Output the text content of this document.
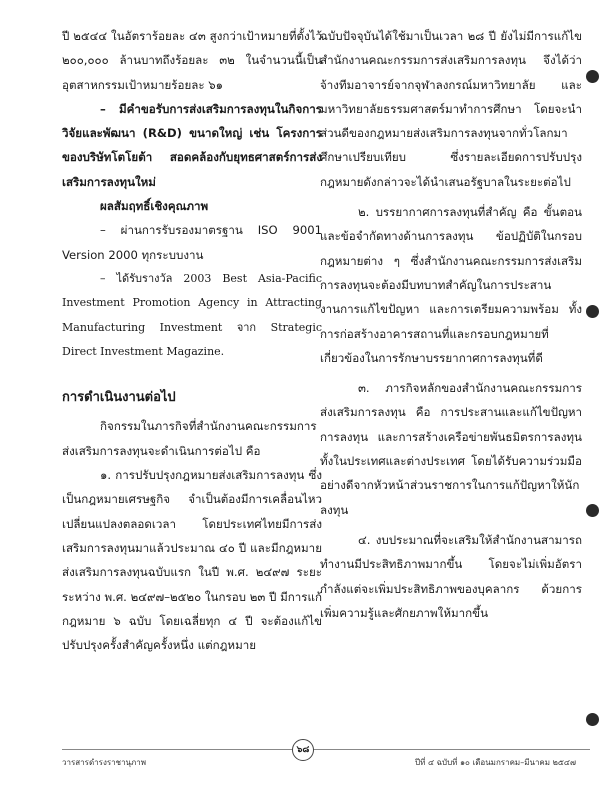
ปี ๒๕๔๔ ในอัตราร้อยละ ๔๓ สูงกว่าเป้าหมายที่ตั้งไว้ ๒๐๐,๐๐๐ ล้านบาทถึงร้อยละ ๓๒ ในจำนวนนี้เป็นอุตสาหกรรมเป้าหมายร้อยละ ๖๑

– มีคำขอรับการส่งเสริมการลงทุนในกิจการวิจัยและพัฒนา (R&D) ขนาดใหญ่ เช่น โครงการของบริษัทโตโยต้า สอดคล้องกับยุทธศาสตร์การส่งเสริมการลงทุนใหม่

ผลสัมฤทธิ์เชิงคุณภาพ

– ผ่านการรับรองมาตรฐาน ISO 9001 Version 2000 ทุกระบบงาน

– ได้รับรางวัล 2003 Best Asia-Pacific Investment Promotion Agency in Attracting Manufacturing Investment จาก Strategic Direct Investment Magazine.

การดำเนินงานต่อไป

กิจกรรมในภารกิจที่สำนักงานคณะกรรมการส่งเสริมการลงทุนจะดำเนินการต่อไป คือ

๑. การปรับปรุงกฎหมายส่งเสริมการลงทุน ซึ่งเป็นกฎหมายเศรษฐกิจ จำเป็นต้องมีการเคลื่อนไหวเปลี่ยนแปลงตลอดเวลา โดยประเทศไทยมีการส่งเสริมการลงทุนมาแล้วประมาณ ๔๐ ปี และมีกฎหมายส่งเสริมการลงทุนฉบับแรก ในปี พ.ศ. ๒๔๙๗ ระยะระหว่าง พ.ศ. ๒๔๙๗–๒๕๒๐ ในกรอบ ๒๓ ปี มีการแก้กฎหมาย ๖ ฉบับ โดยเฉลี่ยทุก ๔ ปี จะต้องแก้ไขปรับปรุงครั้งสำคัญครั้งหนึ่ง แต่กฎหมาย

ฉบับปัจจุบันได้ใช้มาเป็นเวลา ๒๘ ปี ยังไม่มีการแก้ไข สำนักงานคณะกรรมการส่งเสริมการลงทุน จึงได้ว่าจ้างทีมอาจารย์จากจุฬาลงกรณ์มหาวิทยาลัย และมหาวิทยาลัยธรรมศาสตร์มาทำการศึกษา โดยจะนำส่วนดีของกฎหมายส่งเสริมการลงทุนจากทั่วโลกมาศึกษาเปรียบเทียบ ซึ่งรายละเอียดการปรับปรุงกฎหมายดังกล่าวจะได้นำเสนอรัฐบาลในระยะต่อไป

๒. บรรยากาศการลงทุนที่สำคัญ คือ ขั้นตอนและข้อจำกัดทางด้านการลงทุน ข้อปฏิบัติในกรอบกฎหมายต่าง ๆ ซึ่งสำนักงานคณะกรรมการส่งเสริมการลงทุนจะต้องมีบทบาทสำคัญในการประสานงานการแก้ไขปัญหา และการเตรียมความพร้อม ทั้งการก่อสร้างอาคารสถานที่และกรอบกฎหมายที่เกี่ยวข้องในการรักษาบรรยากาศการลงทุนที่ดี

๓. ภารกิจหลักของสำนักงานคณะกรรมการส่งเสริมการลงทุน คือ การประสานและแก้ไขปัญหาการลงทุน และการสร้างเครือข่ายพันธมิตรการลงทุนทั้งในประเทศและต่างประเทศ โดยได้รับความร่วมมืออย่างดีจากหัวหน้าส่วนราชการในการแก้ปัญหาให้นักลงทุน

๔. งบประมาณที่จะเสริมให้สำนักงานสามารถทำงานมีประสิทธิภาพมากขึ้น โดยจะไม่เพิ่มอัตรากำลังแต่จะเพิ่มประสิทธิภาพของบุคลากร ด้วยการเพิ่มความรู้และศักยภาพให้มากขึ้น

วารสารดำรงราชานุภาพ	ปีที่ ๔ ฉบับที่ ๑๐ เดือนมกราคม–มีนาคม ๒๕๔๗
๖๘
